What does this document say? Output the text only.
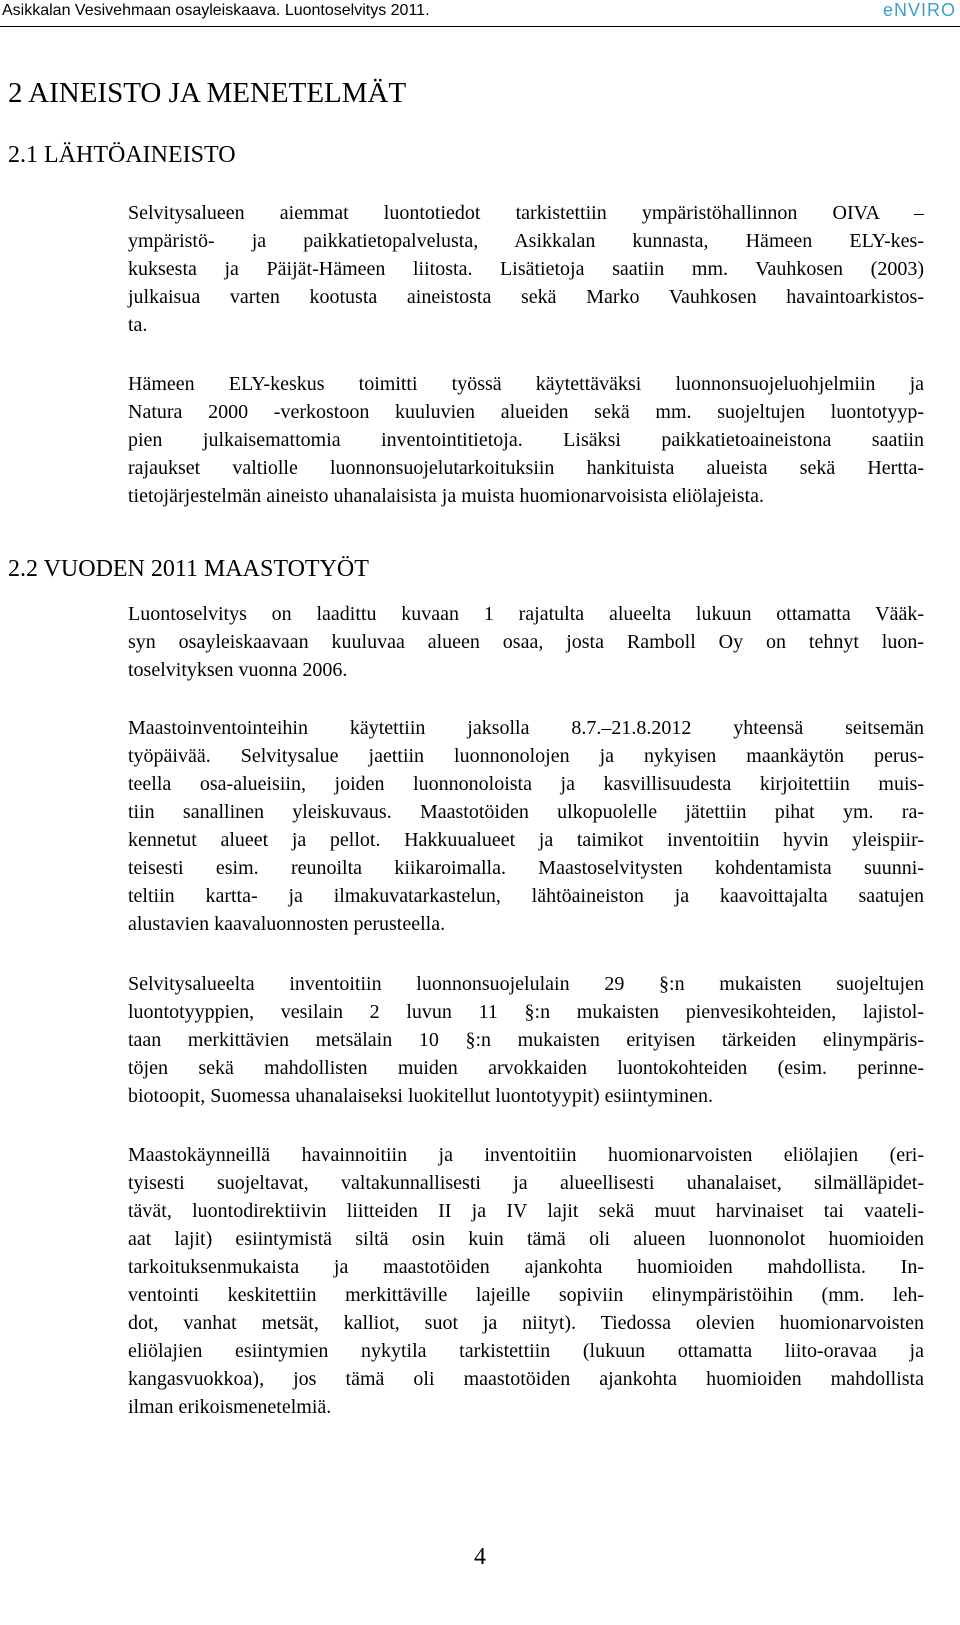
Asikkalan Vesivehmaan osayleiskaava. Luontoselvitys 2011.	eNVIRO
2 AINEISTO JA MENETELMÄT
2.1 LÄHTÖAINEISTO
Selvitysalueen aiemmat luontotiedot tarkistettiin ympäristöhallinnon OIVA –
ympäristö- ja paikkatietopalvelusta, Asikkalan kunnasta, Hämeen ELY-kes-
kuksesta ja Päijät-Hämeen liitosta. Lisätietoja saatiin mm. Vauhkosen (2003)
julkaisua varten kootusta aineistosta sekä Marko Vauhkosen havaintoarkistos-
ta.
Hämeen ELY-keskus toimitti työssä käytettäväksi luonnonsuojeluohjelmiin ja
Natura 2000 -verkostoon kuuluvien alueiden sekä mm. suojeltujen luontotyyp-
pien julkaisemattomia inventointitietoja. Lisäksi paikkatietoaineistona saatiin
rajaukset valtiolle luonnonsuojelutarkoituksiin hankituista alueista sekä Hertta-
tietojärjestelmän aineisto uhanalaisista ja muista huomionarvoisista eliölajeista.
2.2 VUODEN 2011 MAASTOTYÖT
Luontoselvitys on laadittu kuvaan 1 rajatulta alueelta lukuun ottamatta Vääk-
syn osayleiskaavaan kuuluvaa alueen osaa, josta Ramboll Oy on tehnyt luon-
toselvityksen vuonna 2006.
Maastoinventointeihin käytettiin jaksolla 8.7.–21.8.2012 yhteensä seitsemän
työpäivää. Selvitysalue jaettiin luonnonolojen ja nykyisen maankäytön perus-
teella osa-alueisiin, joiden luonnonoloista ja kasvillisuudesta kirjoitettiin muis-
tiin sanallinen yleiskuvaus. Maastotöiden ulkopuolelle jätettiin pihat ym. ra-
kennetut alueet ja pellot. Hakkuualueet ja taimikot inventoitiin hyvin yleispiir-
teisesti esim. reunoilta kiikaroimalla. Maastoselvitysten kohdentamista suunni-
teltiin kartta- ja ilmakuvatarkastelun, lähtöaineiston ja kaavoittajalta saatujen
alustavien kaavaluonnosten perusteella.
Selvitysalueelta inventoitiin luonnonsuojelulain 29 §:n mukaisten suojeltujen
luontotyyppien, vesilain 2 luvun 11 §:n mukaisten pienvesikohteiden, lajistol-
taan merkittävien metsälain 10 §:n mukaisten erityisen tärkeiden elinympäris-
töjen sekä mahdollisten muiden arvokkaiden luontokohteiden (esim. perinne-
biotoopit, Suomessa uhanalaiseksi luokitellut luontotyypit) esiintyminen.
Maastokäynneillä havainnoitiin ja inventoitiin huomionarvoisten eliölajien (eri-
tyisesti suojeltavat, valtakunnallisesti ja alueellisesti uhanalaiset, silmälläpidet-
tävät, luontodirektiivin liitteiden II ja IV lajit sekä muut harvinaiset tai vaateli-
aat lajit) esiintymistä siltä osin kuin tämä oli alueen luonnonolot huomioiden
tarkoituksenmukaista ja maastotöiden ajankohta huomioiden mahdollista. In-
ventointi keskitettiin merkittäville lajeille sopiviin elinympäristöihin (mm. leh-
dot, vanhat metsät, kalliot, suot ja niityt). Tiedossa olevien huomionarvoisten
eliölajien esiintymien nykytila tarkistettiin (lukuun ottamatta liito-oravaa ja
kangasvuokkoa), jos tämä oli maastotöiden ajankohta huomioiden mahdollista
ilman erikoismenetelmiä.
4
